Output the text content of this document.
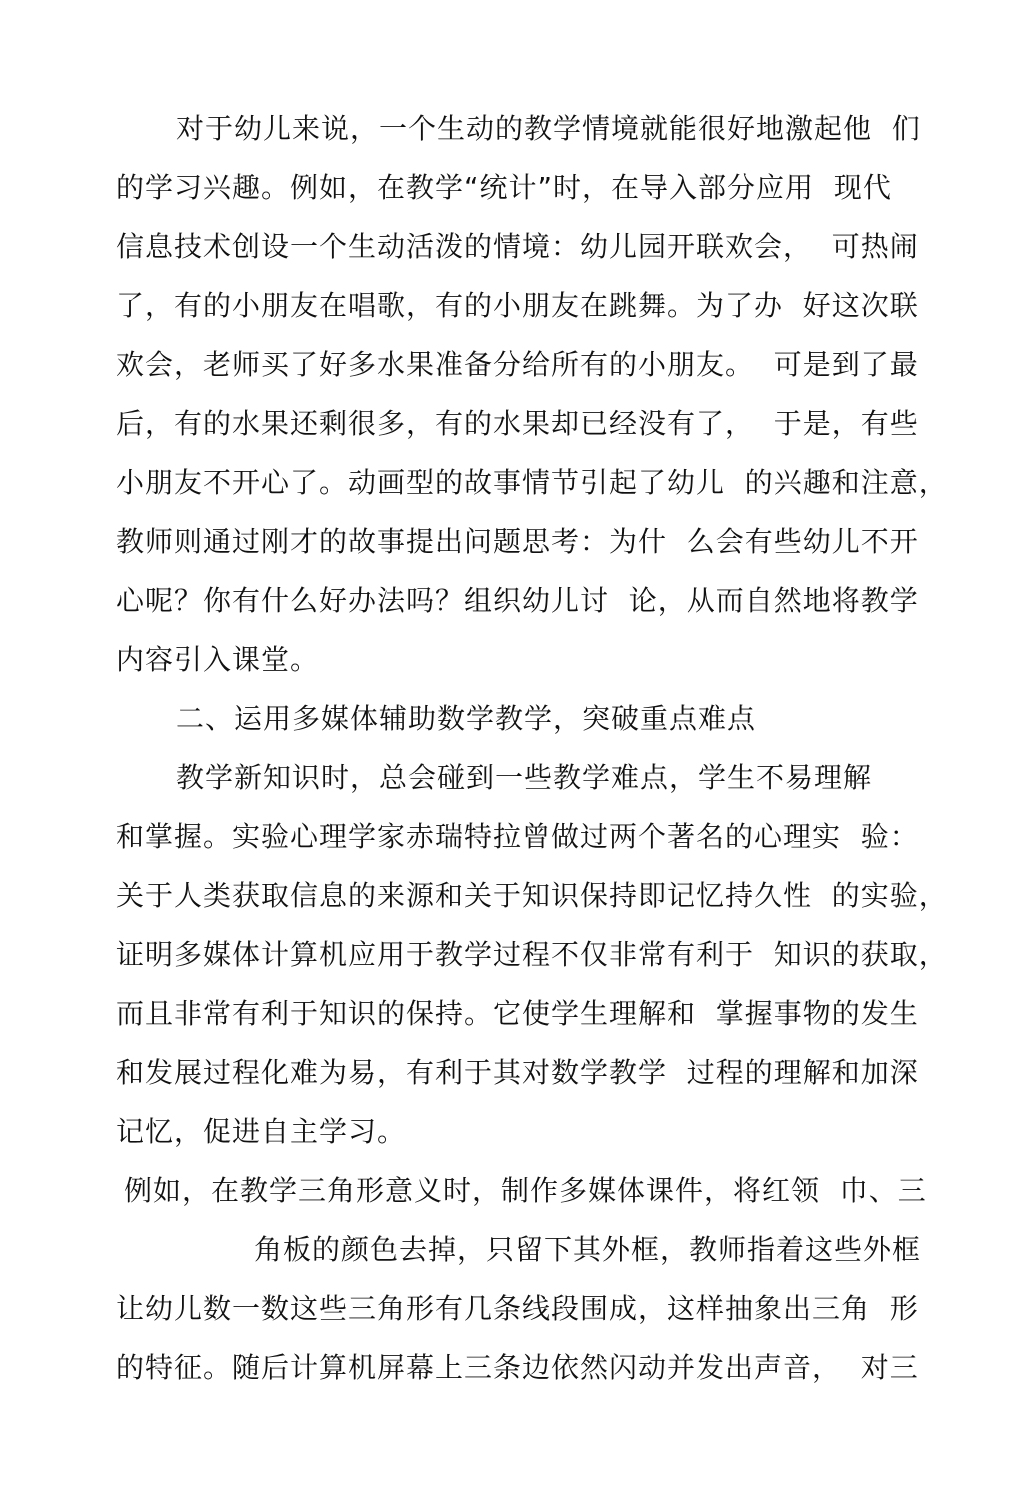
对于幼儿来说，一个生动的教学情境就能很好地激起他  们
的学习兴趣。例如，在教学“统计”时，在导入部分应用  现代
信息技术创设一个生动活泼的情境：幼儿园开联欢会，  可热闹
了，有的小朋友在唱歌，有的小朋友在跳舞。为了办  好这次联
欢会，老师买了好多水果准备分给所有的小朋友。  可是到了最
后，有的水果还剩很多，有的水果却已经没有了，  于是，有些
小朋友不开心了。动画型的故事情节引起了幼儿  的兴趣和注意，
教师则通过刚才的故事提出问题思考：为什  么会有些幼儿不开
心呢？你有什么好办法吗？组织幼儿讨  论，从而自然地将教学
内容引入课堂。
二、运用多媒体辅助数学教学，突破重点难点
教学新知识时，总会碰到一些教学难点，学生不易理解
和掌握。实验心理学家赤瑞特拉曾做过两个著名的心理实  验：
关于人类获取信息的来源和关于知识保持即记忆持久性  的实验，
证明多媒体计算机应用于教学过程不仅非常有利于  知识的获取，
而且非常有利于知识的保持。它使学生理解和  掌握事物的发生
和发展过程化难为易，有利于其对数学教学  过程的理解和加深
记忆，促进自主学习。
例如，在教学三角形意义时，制作多媒体课件，将红领  巾、三
角板的颜色去掉，只留下其外框，教师指着这些外框
让幼儿数一数这些三角形有几条线段围成，这样抽象出三角  形
的特征。随后计算机屏幕上三条边依然闪动并发出声音，  对三
